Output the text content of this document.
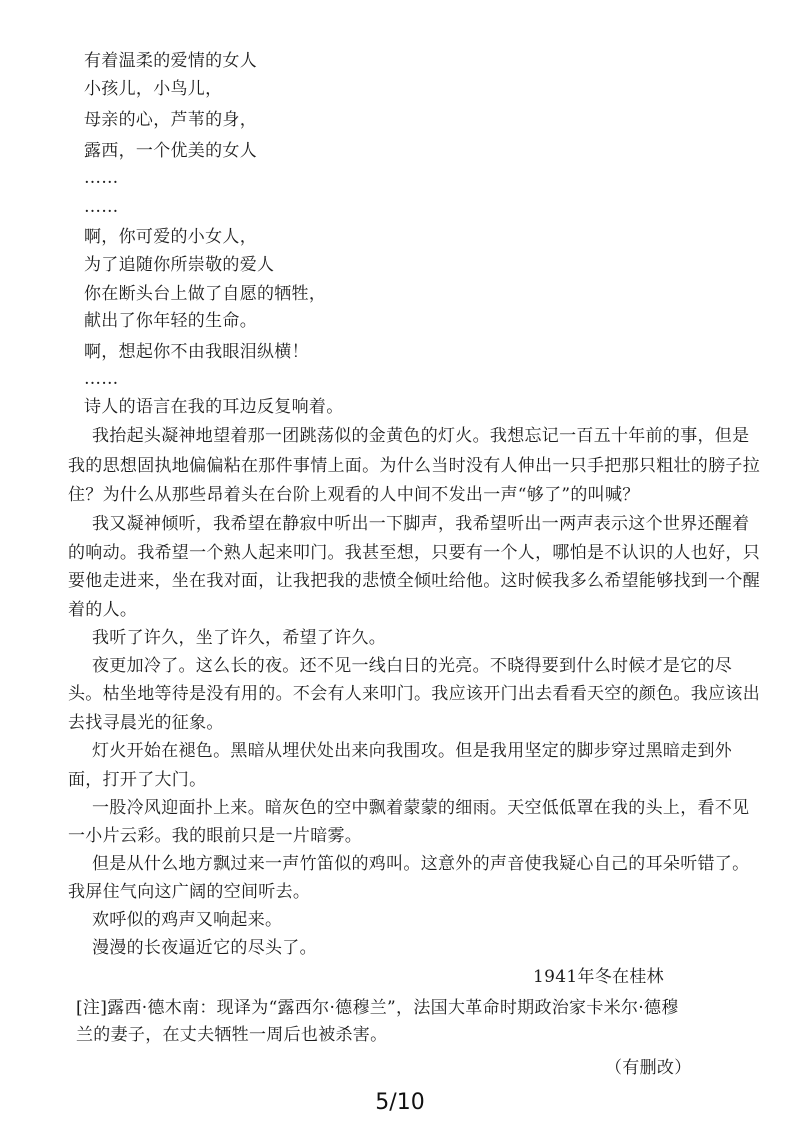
有着温柔的爱情的女人
小孩儿，小鸟儿，
母亲的心，芦苇的身，
露西，一个优美的女人
……
……
啊，你可爱的小女人，
为了追随你所崇敬的爱人
你在断头台上做了自愿的牺牲，
献出了你年轻的生命。
啊，想起你不由我眼泪纵横！
……
诗人的语言在我的耳边反复响着。
我抬起头凝神地望着那一团跳荡似的金黄色的灯火。我想忘记一百五十年前的事，但是
我的思想固执地偏偏粘在那件事情上面。为什么当时没有人伸出一只手把那只粗壮的膀子拉
住？为什么从那些昂着头在台阶上观看的人中间不发出一声“够了”的叫喊？
我又凝神倾听，我希望在静寂中听出一下脚声，我希望听出一两声表示这个世界还醒着
的响动。我希望一个熟人起来叩门。我甚至想，只要有一个人，哪怕是不认识的人也好，只
要他走进来，坐在我对面，让我把我的悲愤全倾吐给他。这时候我多么希望能够找到一个醒
着的人。
我听了许久，坐了许久，希望了许久。
夜更加冷了。这么长的夜。还不见一线白日的光亮。不晓得要到什么时候才是它的尽
头。枯坐地等待是没有用的。不会有人来叩门。我应该开门出去看看天空的颜色。我应该出
去找寻晨光的征象。
灯火开始在褪色。黑暗从埋伏处出来向我围攻。但是我用坚定的脚步穿过黑暗走到外
面，打开了大门。
一股冷风迎面扑上来。暗灰色的空中飘着蒙蒙的细雨。天空低低罩在我的头上，看不见
一小片云彩。我的眼前只是一片暗雾。
但是从什么地方飘过来一声竹笛似的鸡叫。这意外的声音使我疑心自己的耳朵听错了。
我屏住气向这广阔的空间听去。
欢呼似的鸡声又响起来。
漫漫的长夜逼近它的尽头了。
1941年冬在桂林
[注]露西·德木南：现译为“露西尔·德穆兰”，法国大革命时期政治家卡米尔·德穆
兰的妻子，在丈夫牺牲一周后也被杀害。
（有删改）
5/10
